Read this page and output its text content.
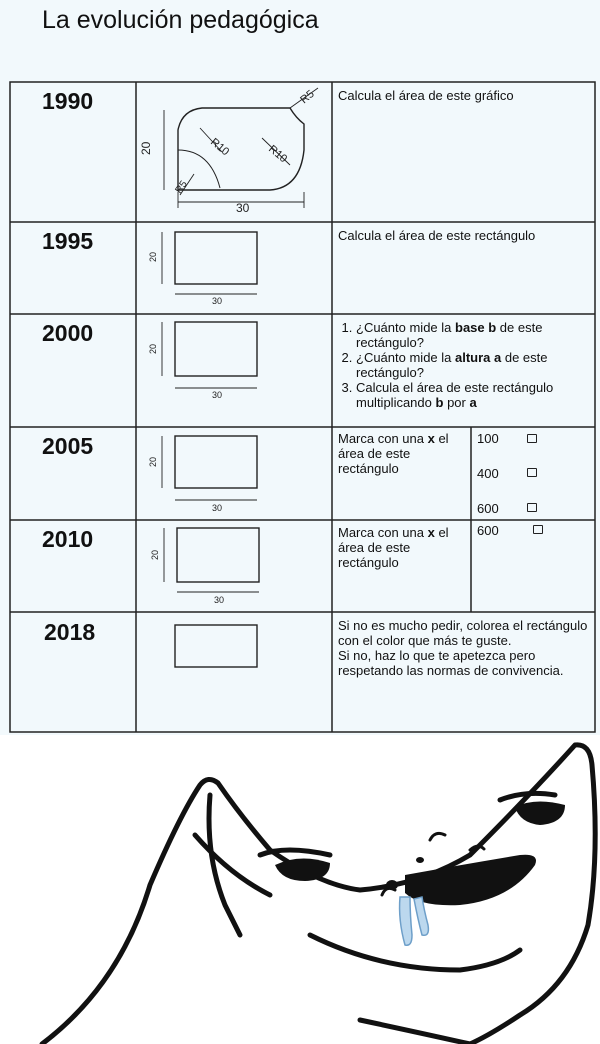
La evolución pedagógica
30
20	R10	R10
R5
R5
30
20
30
20
30
20
30
20
1990
1995
2000
2005
2010
2018
Calcula el área de este gráfico
Calcula el área de este rectángulo
1. ¿Cuánto mide la base b de este rectángulo?
2. ¿Cuánto mide la altura a de este rectángulo?
3. Calcula el área de este rectángulo multiplicando b por a
Marca con una x el área de este rectángulo
100
400
600
Marca con una x el área de este rectángulo
600
Si no es mucho pedir, colorea el rectángulo con el color que más te guste.
Si no, haz lo que te apetezca pero respetando las normas de convivencia.
